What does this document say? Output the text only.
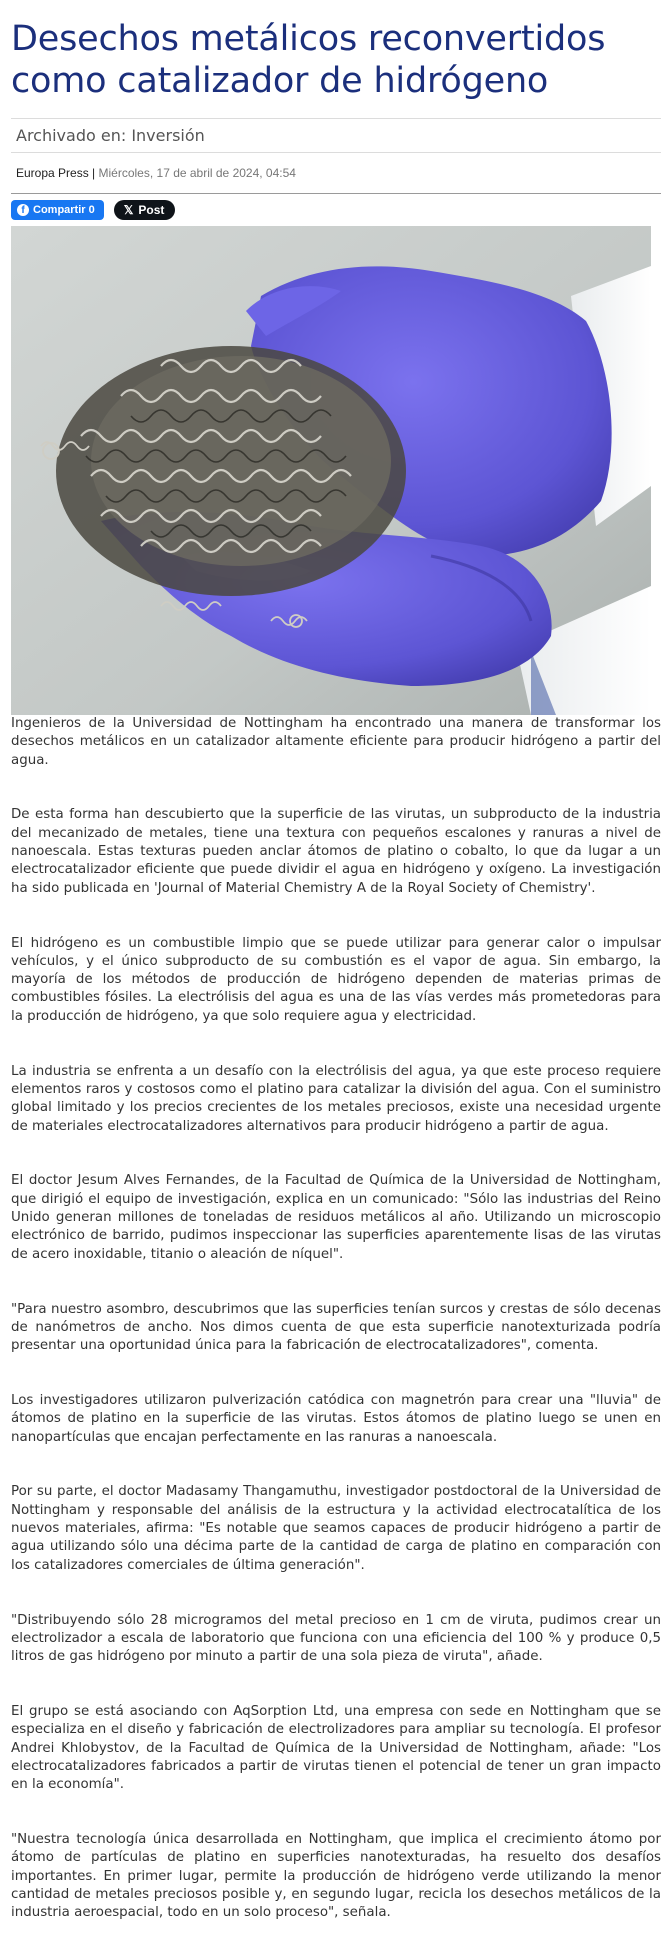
Desechos metálicos reconvertidos como catalizador de hidrógeno
Archivado en: Inversión
Europa Press | Miércoles, 17 de abril de 2024, 04:54
f Compartir 0 𝕏 Post

Ingenieros de la Universidad de Nottingham ha encontrado una manera de transformar los desechos metálicos en un catalizador altamente eficiente para producir hidrógeno a partir del agua.

De esta forma han descubierto que la superficie de las virutas, un subproducto de la industria del mecanizado de metales, tiene una textura con pequeños escalones y ranuras a nivel de nanoescala. Estas texturas pueden anclar átomos de platino o cobalto, lo que da lugar a un electrocatalizador eficiente que puede dividir el agua en hidrógeno y oxígeno. La investigación ha sido publicada en 'Journal of Material Chemistry A de la Royal Society of Chemistry'.

El hidrógeno es un combustible limpio que se puede utilizar para generar calor o impulsar vehículos, y el único subproducto de su combustión es el vapor de agua. Sin embargo, la mayoría de los métodos de producción de hidrógeno dependen de materias primas de combustibles fósiles. La electrólisis del agua es una de las vías verdes más prometedoras para la producción de hidrógeno, ya que solo requiere agua y electricidad.

La industria se enfrenta a un desafío con la electrólisis del agua, ya que este proceso requiere elementos raros y costosos como el platino para catalizar la división del agua. Con el suministro global limitado y los precios crecientes de los metales preciosos, existe una necesidad urgente de materiales electrocatalizadores alternativos para producir hidrógeno a partir de agua.

El doctor Jesum Alves Fernandes, de la Facultad de Química de la Universidad de Nottingham, que dirigió el equipo de investigación, explica en un comunicado: "Sólo las industrias del Reino Unido generan millones de toneladas de residuos metálicos al año. Utilizando un microscopio electrónico de barrido, pudimos inspeccionar las superficies aparentemente lisas de las virutas de acero inoxidable, titanio o aleación de níquel".

"Para nuestro asombro, descubrimos que las superficies tenían surcos y crestas de sólo decenas de nanómetros de ancho. Nos dimos cuenta de que esta superficie nanotexturizada podría presentar una oportunidad única para la fabricación de electrocatalizadores", comenta.

Los investigadores utilizaron pulverización catódica con magnetrón para crear una "lluvia" de átomos de platino en la superficie de las virutas. Estos átomos de platino luego se unen en nanopartículas que encajan perfectamente en las ranuras a nanoescala.

Por su parte, el doctor Madasamy Thangamuthu, investigador postdoctoral de la Universidad de Nottingham y responsable del análisis de la estructura y la actividad electrocatalítica de los nuevos materiales, afirma: "Es notable que seamos capaces de producir hidrógeno a partir de agua utilizando sólo una décima parte de la cantidad de carga de platino en comparación con los catalizadores comerciales de última generación".

"Distribuyendo sólo 28 microgramos del metal precioso en 1 cm de viruta, pudimos crear un electrolizador a escala de laboratorio que funciona con una eficiencia del 100 % y produce 0,5 litros de gas hidrógeno por minuto a partir de una sola pieza de viruta", añade.

El grupo se está asociando con AqSorption Ltd, una empresa con sede en Nottingham que se especializa en el diseño y fabricación de electrolizadores para ampliar su tecnología. El profesor Andrei Khlobystov, de la Facultad de Química de la Universidad de Nottingham, añade: "Los electrocatalizadores fabricados a partir de virutas tienen el potencial de tener un gran impacto en la economía".

"Nuestra tecnología única desarrollada en Nottingham, que implica el crecimiento átomo por átomo de partículas de platino en superficies nanotexturadas, ha resuelto dos desafíos importantes. En primer lugar, permite la producción de hidrógeno verde utilizando la menor cantidad de metales preciosos posible y, en segundo lugar, recicla los desechos metálicos de la industria aeroespacial, todo en un solo proceso", señala.
